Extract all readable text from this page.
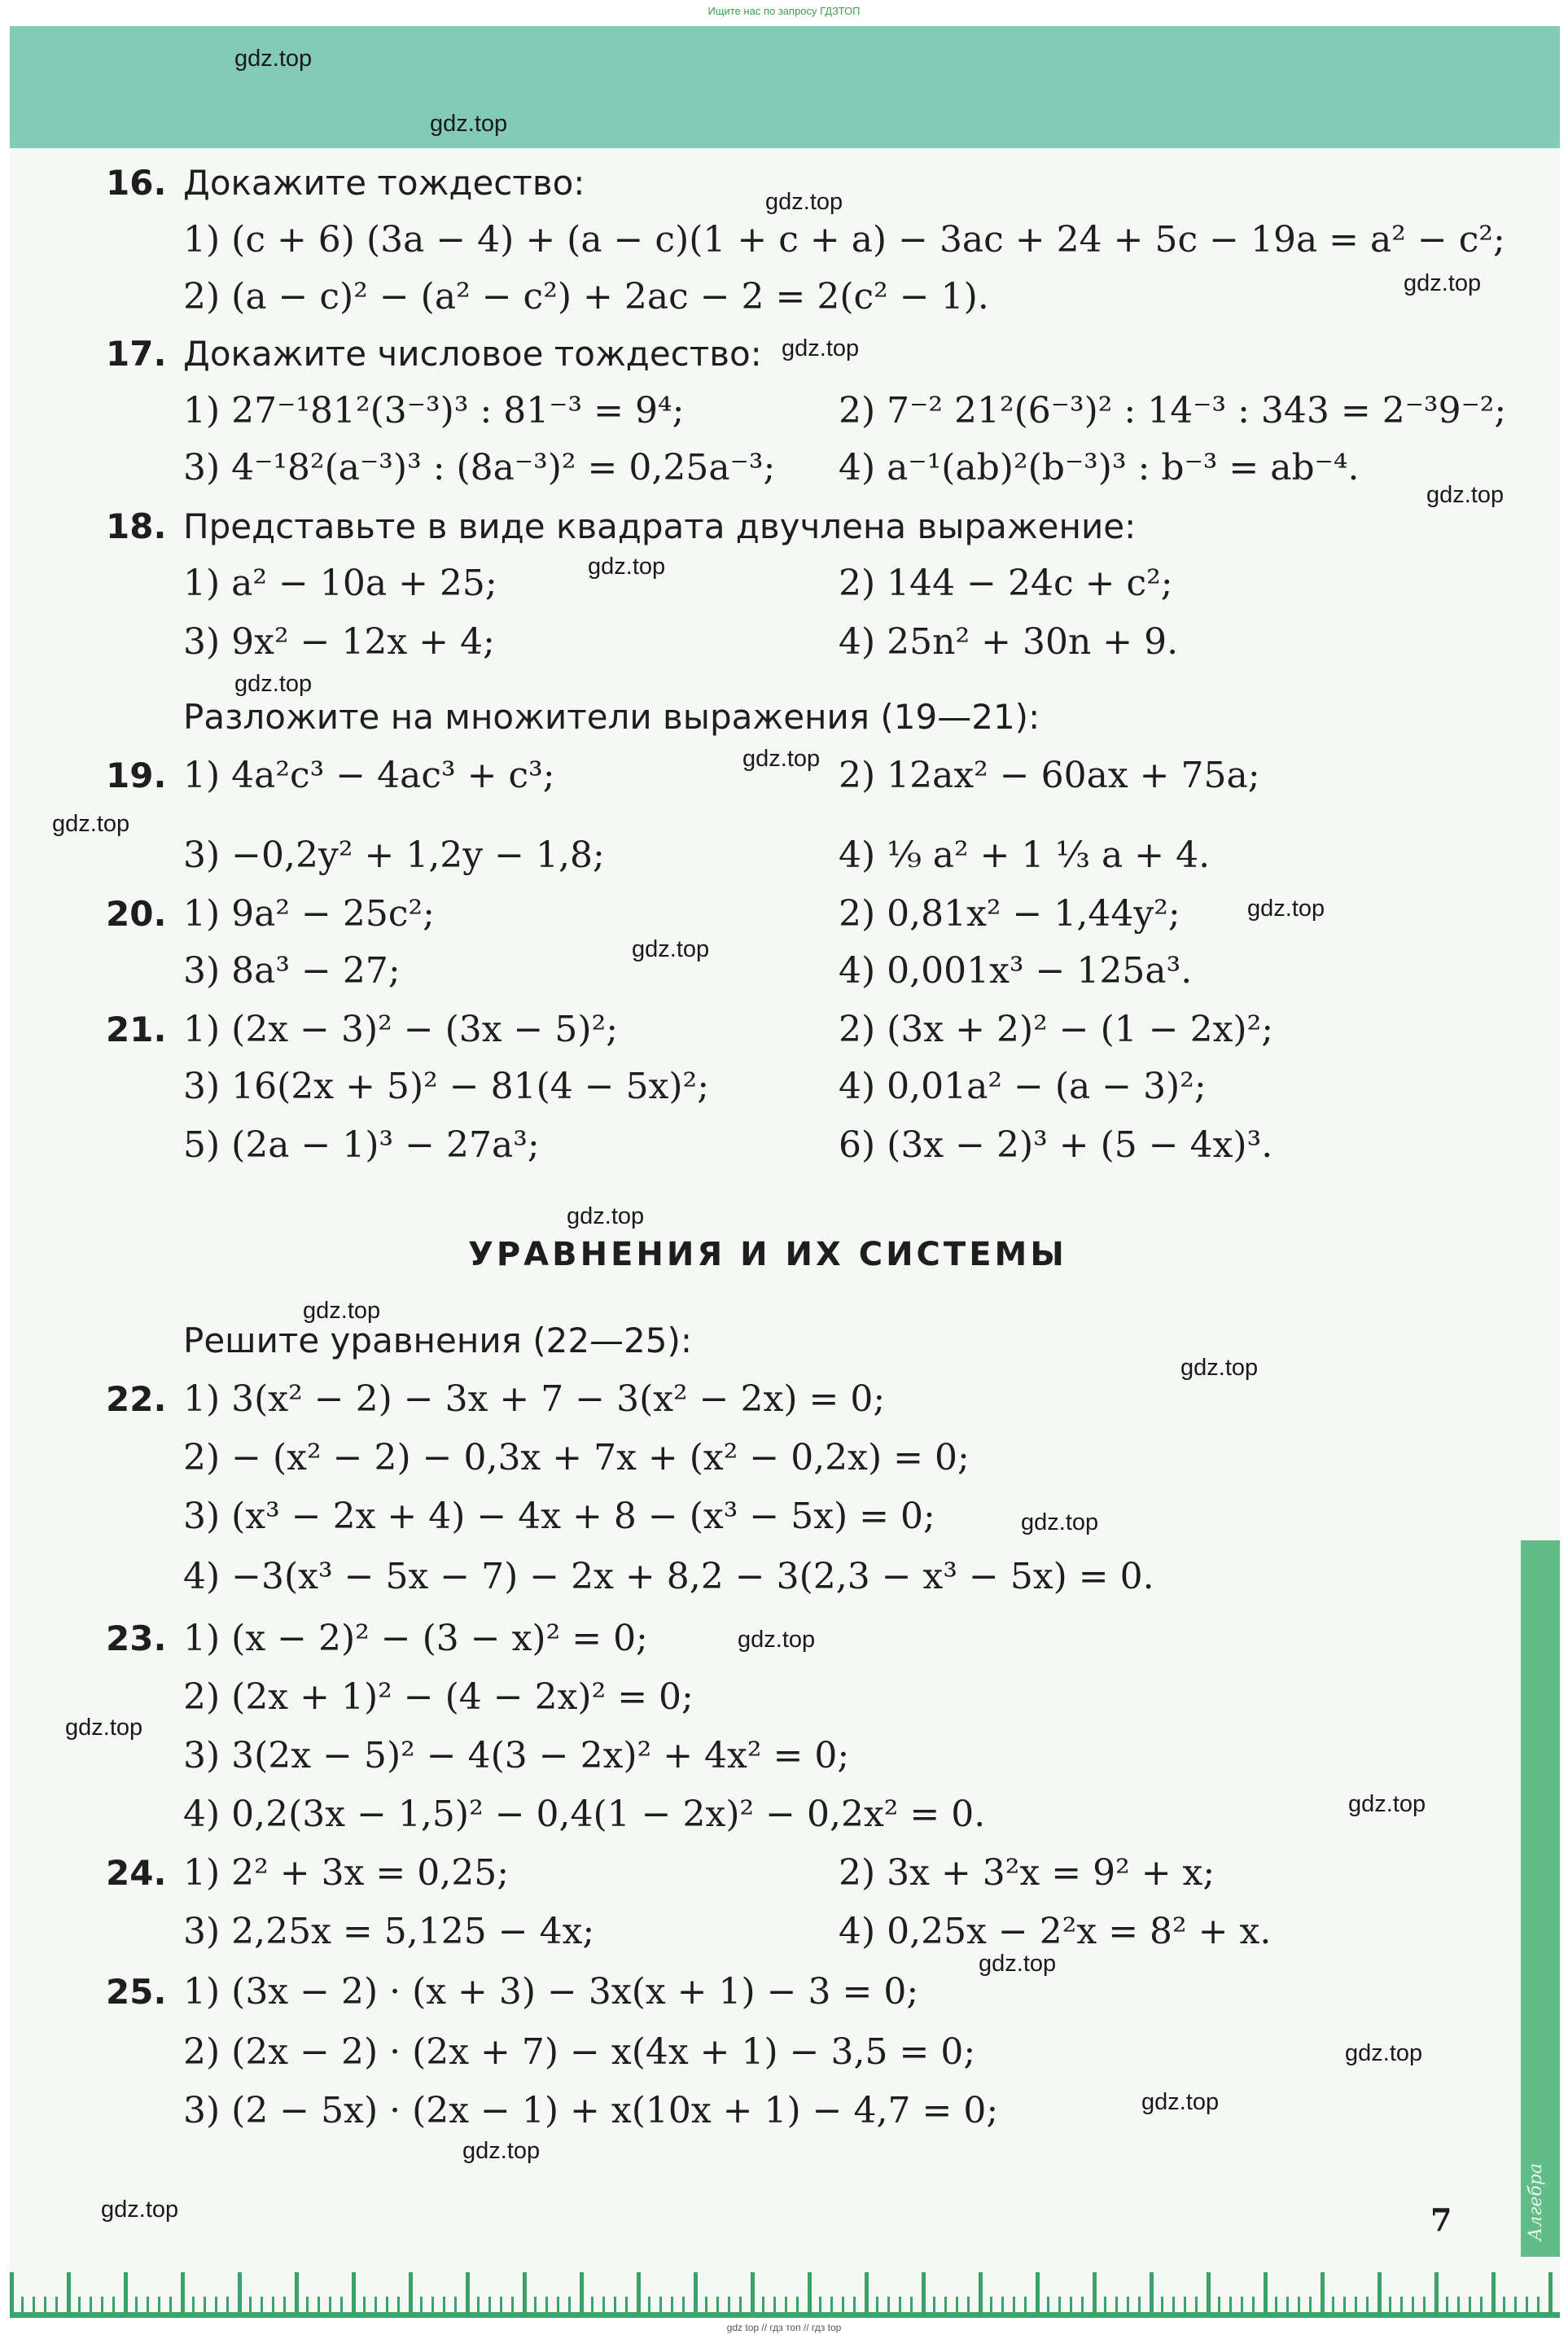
Ищите нас по запросу ГДЗТОП
Алгебра
7
16. Докажите тождество:
1) (c + 6) (3a − 4) + (a − c)(1 + c + a) − 3ac + 24 + 5c − 19a = a² − c²;
2) (a − c)² − (a² − c²) + 2ac − 2 = 2(c² − 1).
17. Докажите числовое тождество:
1) 27⁻¹81²(3⁻³)³ : 81⁻³ = 9⁴;	2) 7⁻² 21²(6⁻³)² : 14⁻³ : 343 = 2⁻³9⁻²;
3) 4⁻¹8²(a⁻³)³ : (8a⁻³)² = 0,25a⁻³; 4) a⁻¹(ab)²(b⁻³)³ : b⁻³ = ab⁻⁴.
18. Представьте в виде квадрата двучлена выражение:
1) a² − 10a + 25;	2) 144 − 24c + c²;
3) 9x² − 12x + 4;	4) 25n² + 30n + 9.
Разложите на множители выражения (19—21):
19. 1) 4a²c³ − 4ac³ + c³;	2) 12ax² − 60ax + 75a;
3) −0,2y² + 1,2y − 1,8;	4) ¹⁄₉ a² + 1 ¹⁄₃ a + 4.
20. 1) 9a² − 25c²;	2) 0,81x² − 1,44y²;
3) 8a³ − 27;	4) 0,001x³ − 125a³.
21. 1) (2x − 3)² − (3x − 5)²;	2) (3x + 2)² − (1 − 2x)²;
3) 16(2x + 5)² − 81(4 − 5x)²;	4) 0,01a² − (a − 3)²;
5) (2a − 1)³ − 27a³;	6) (3x − 2)³ + (5 − 4x)³.
УРАВНЕНИЯ И ИХ СИСТЕМЫ
Решите уравнения (22—25):
22. 1) 3(x² − 2) − 3x + 7 − 3(x² − 2x) = 0;
2) − (x² − 2) − 0,3x + 7x + (x² − 0,2x) = 0;
3) (x³ − 2x + 4) − 4x + 8 − (x³ − 5x) = 0;
4) −3(x³ − 5x − 7) − 2x + 8,2 − 3(2,3 − x³ − 5x) = 0.
23. 1) (x − 2)² − (3 − x)² = 0;
2) (2x + 1)² − (4 − 2x)² = 0;
3) 3(2x − 5)² − 4(3 − 2x)² + 4x² = 0;
4) 0,2(3x − 1,5)² − 0,4(1 − 2x)² − 0,2x² = 0.
24. 1) 2² + 3x = 0,25;	2) 3x + 3²x = 9² + x;
3) 2,25x = 5,125 − 4x;	4) 0,25x − 2²x = 8² + x.
25. 1) (3x − 2) · (x + 3) − 3x(x + 1) − 3 = 0;
2) (2x − 2) · (2x + 7) − x(4x + 1) − 3,5 = 0;
3) (2 − 5x) · (2x − 1) + x(10x + 1) − 4,7 = 0;
gdz.top
gdz.top
gdz.top
gdz.top
gdz.top
gdz.top
gdz.top
gdz.top
gdz.top
gdz.top
gdz.top
gdz.top
gdz.top
gdz.top
gdz.top
gdz.top
gdz.top
gdz.top
gdz.top
gdz.top
gdz.top
gdz.top
gdz.top
gdz.top
gdz top // гдз топ // гдз top
